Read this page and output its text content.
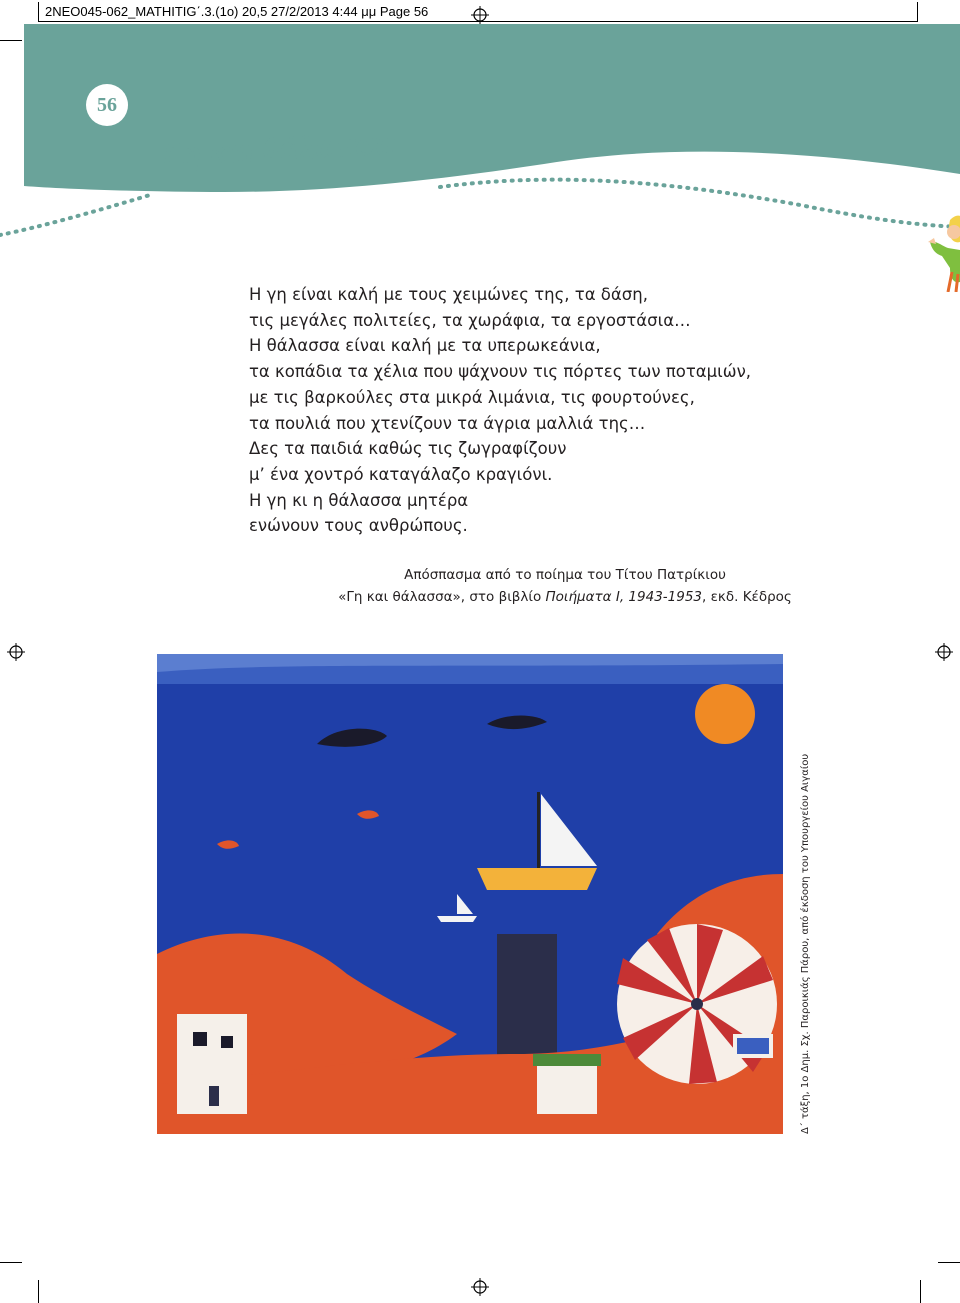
2NEO045-062_MATHITIG΄.3.(1o) 20,5 27/2/2013 4:44 μμ Page 56
56
Γη και θάλασσα
Η γη είναι καλή με τους χειμώνες της, τα δάση,
τις μεγάλες πολιτείες, τα χωράφια, τα εργοστάσια…
Η θάλασσα είναι καλή με τα υπερωκεάνια,
τα κοπάδια τα χέλια που ψάχνουν τις πόρτες των ποταμιών,
με τις βαρκούλες στα μικρά λιμάνια, τις φουρτούνες,
τα πουλιά που χτενίζουν τα άγρια μαλλιά της…
Δες τα παιδιά καθώς τις ζωγραφίζουν
μ’ ένα χοντρό καταγάλαζο κραγιόνι.
Η γη κι η θάλασσα μητέρα
ενώνουν τους ανθρώπους.
Απόσπασμα από το ποίημα του Τίτου Πατρίκιου
«Γη και θάλασσα», στο βιβλίο Ποιήματα Ι, 1943-1953, εκδ. Κέδρος
Δ΄ τάξη, 1ο Δημ. Σχ. Παροικιάς Πάρου, από έκδοση του Υπουργείου Αιγαίου
